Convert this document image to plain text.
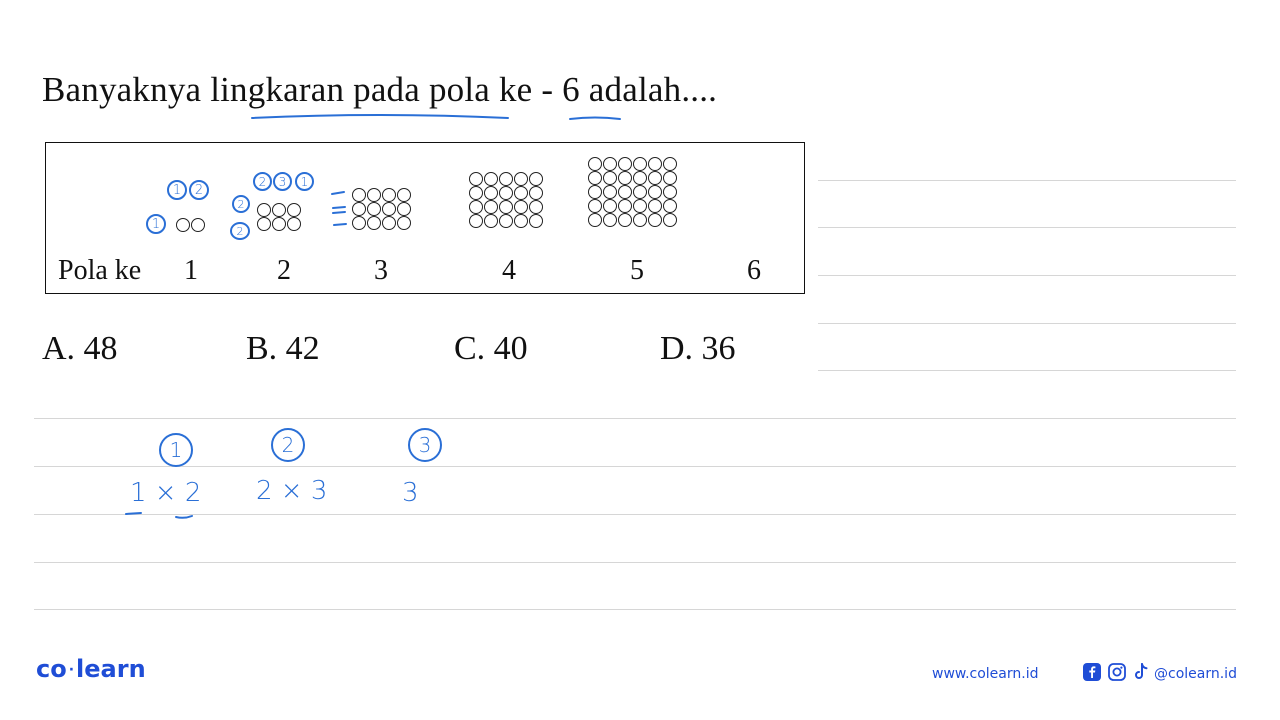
Banyaknya lingkaran pada pola ke - 6 adalah....
Pola ke 1	2	3	4	5	6
1	2
1
2	3	1
2
2
A. 48	B. 42	C. 40	D. 36
1	2	3
1 × 2 2 × 3	3
co ·learn	www.colearn.id	@colearn.id
